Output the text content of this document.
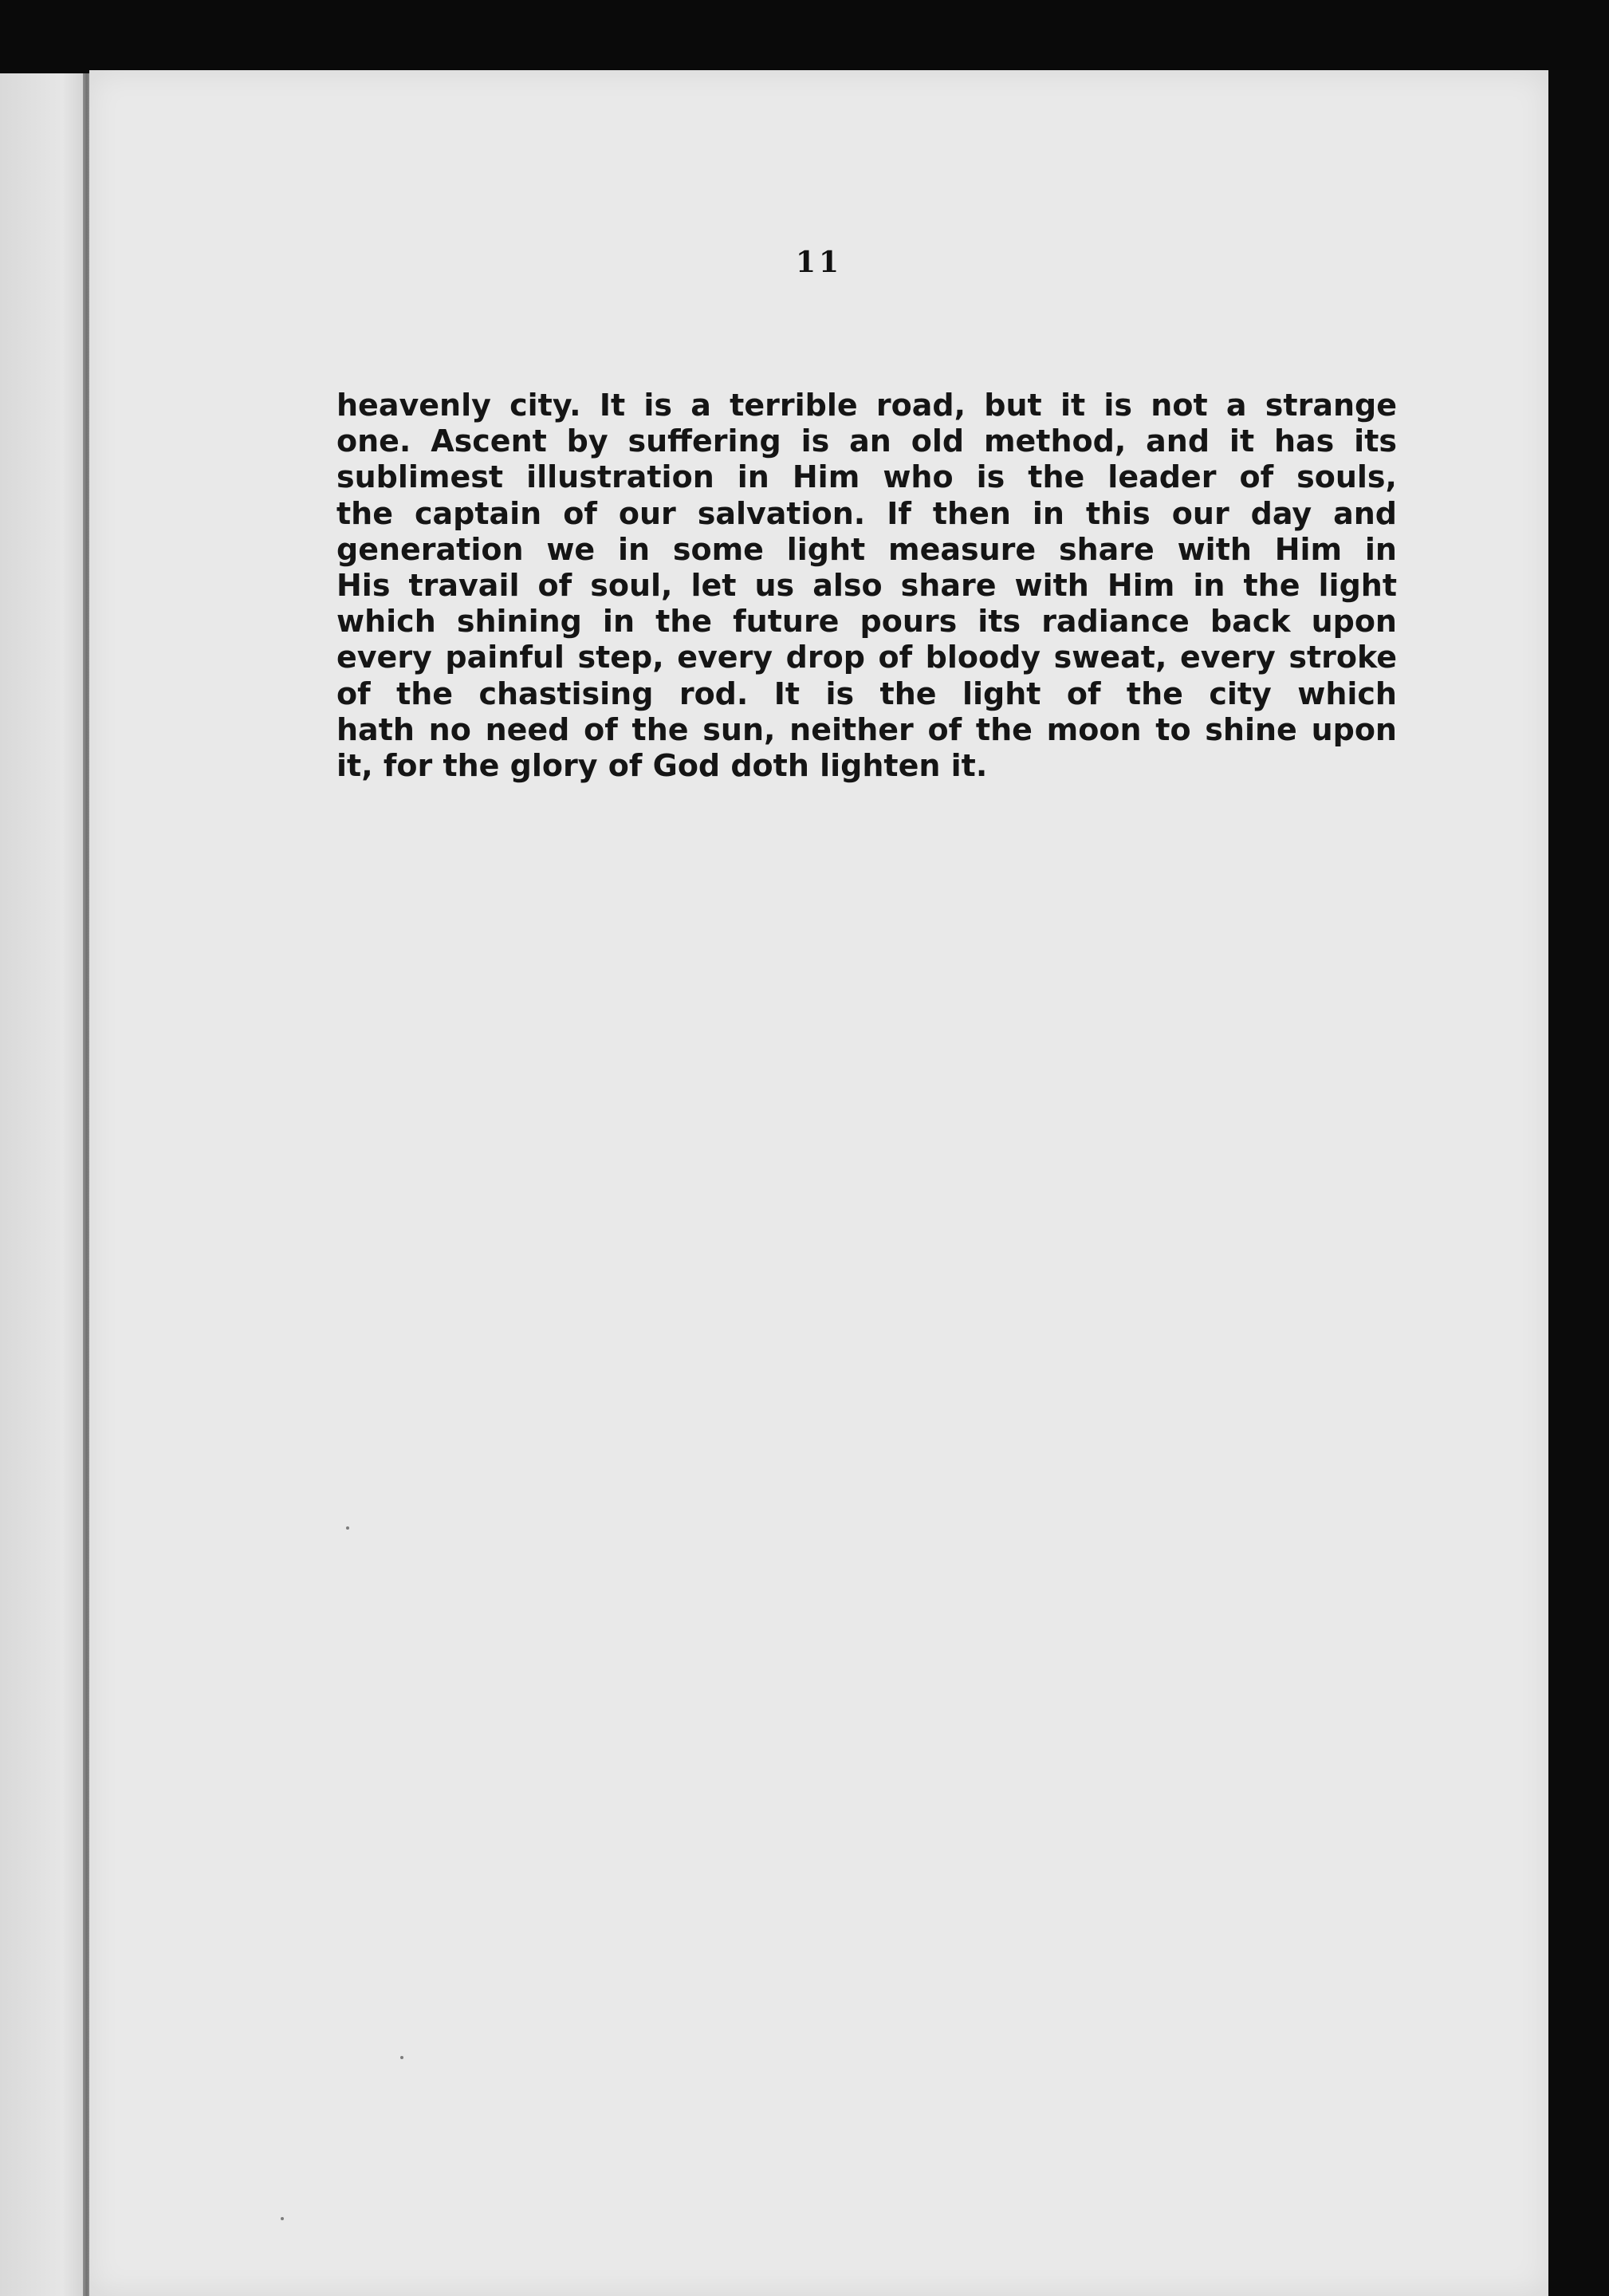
11
heavenly city. It is a terrible road, but it is not a strange
one. Ascent by suffering is an old method, and it has its
sublimest illustration in Him who is the leader of souls,
the captain of our salvation. If then in this our day and
generation we in some light measure share with Him in
His travail of soul, let us also share with Him in the light
which shining in the future pours its radiance back upon
every painful step, every drop of bloody sweat, every stroke
of the chastising rod. It is the light of the city which
hath no need of the sun, neither of the moon to shine upon
it, for the glory of God doth lighten it.
